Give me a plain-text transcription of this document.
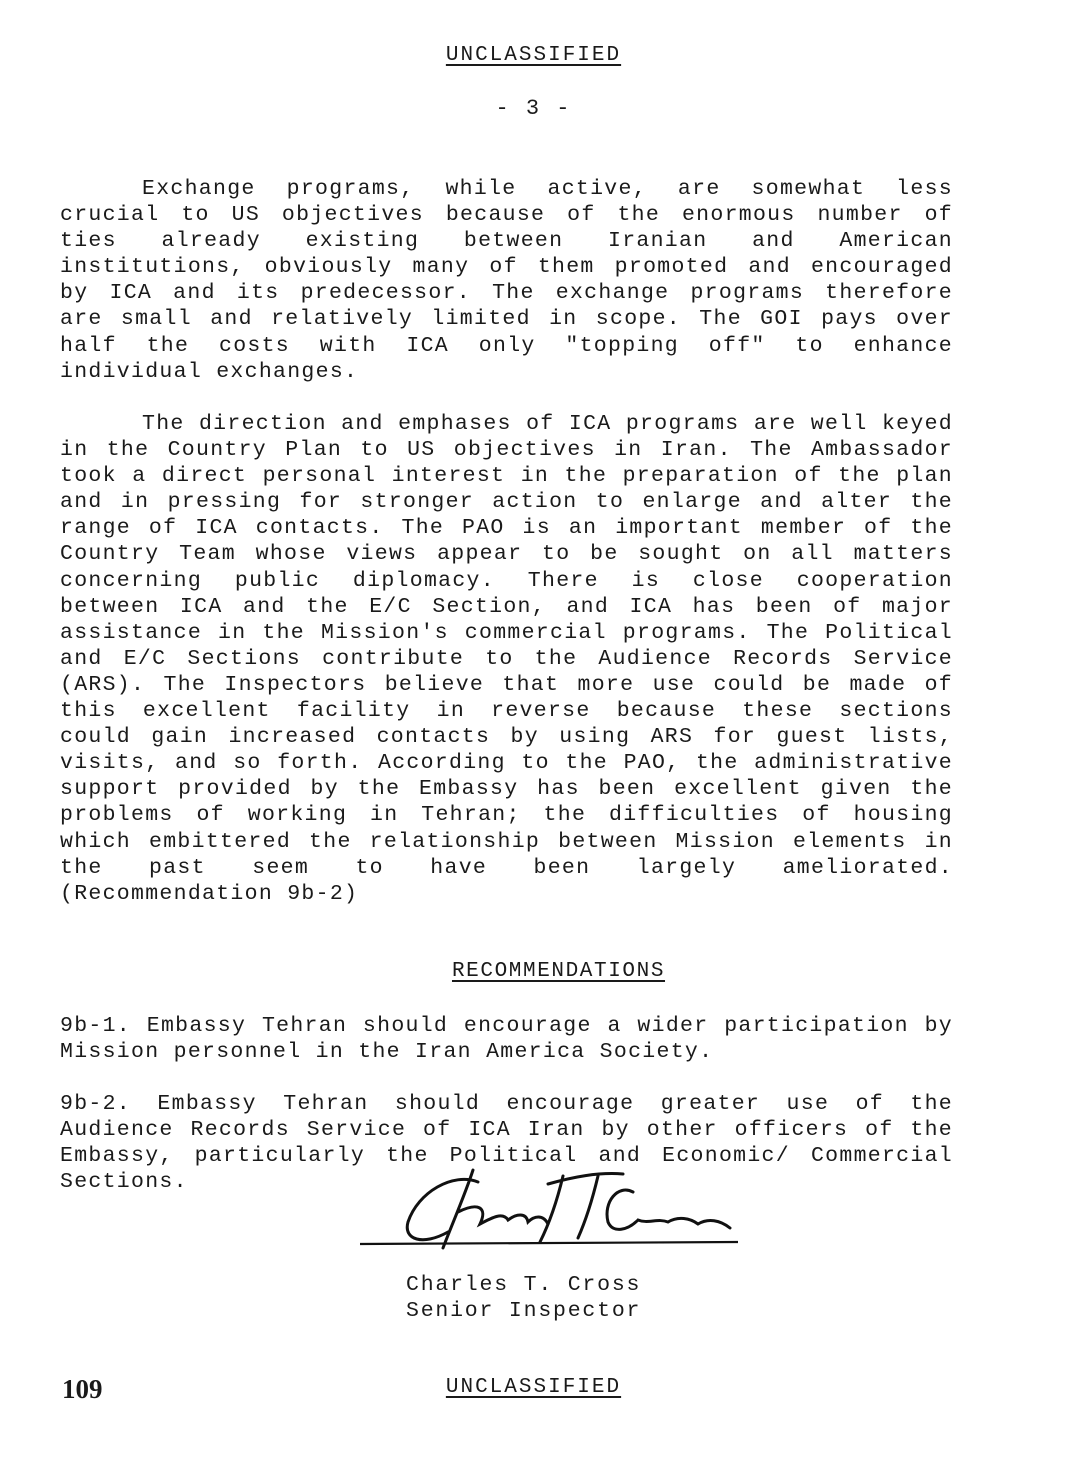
UNCLASSIFIED
- 3 -

Exchange programs, while active, are somewhat less crucial to US objectives because of the enormous number of ties already existing between Iranian and American institutions, obviously many of them promoted and encouraged by ICA and its predecessor. The exchange programs therefore are small and relatively limited in scope. The GOI pays over half the costs with ICA only "topping off" to enhance individual exchanges.

The direction and emphases of ICA programs are well keyed in the Country Plan to US objectives in Iran. The Ambassador took a direct personal interest in the preparation of the plan and in pressing for stronger action to enlarge and alter the range of ICA contacts. The PAO is an important member of the Country Team whose views appear to be sought on all matters concerning public diplomacy. There is close cooperation between ICA and the E/C Section, and ICA has been of major assistance in the Mission's commercial programs. The Political and E/C Sections contribute to the Audience Records Service (ARS). The Inspectors believe that more use could be made of this excellent facility in reverse because these sections could gain increased contacts by using ARS for guest lists, visits, and so forth. According to the PAO, the administrative support provided by the Embassy has been excellent given the problems of working in Tehran; the difficulties of housing which embittered the relationship between Mission elements in the past seem to have been largely ameliorated. (Recommendation 9b-2)

RECOMMENDATIONS

9b-1. Embassy Tehran should encourage a wider participation by Mission personnel in the Iran America Society.

9b-2. Embassy Tehran should encourage greater use of the Audience Records Service of ICA Iran by other officers of the Embassy, particularly the Political and Economic/ Commercial Sections.

Charles T. Cross
Senior Inspector
109	UNCLASSIFIED
